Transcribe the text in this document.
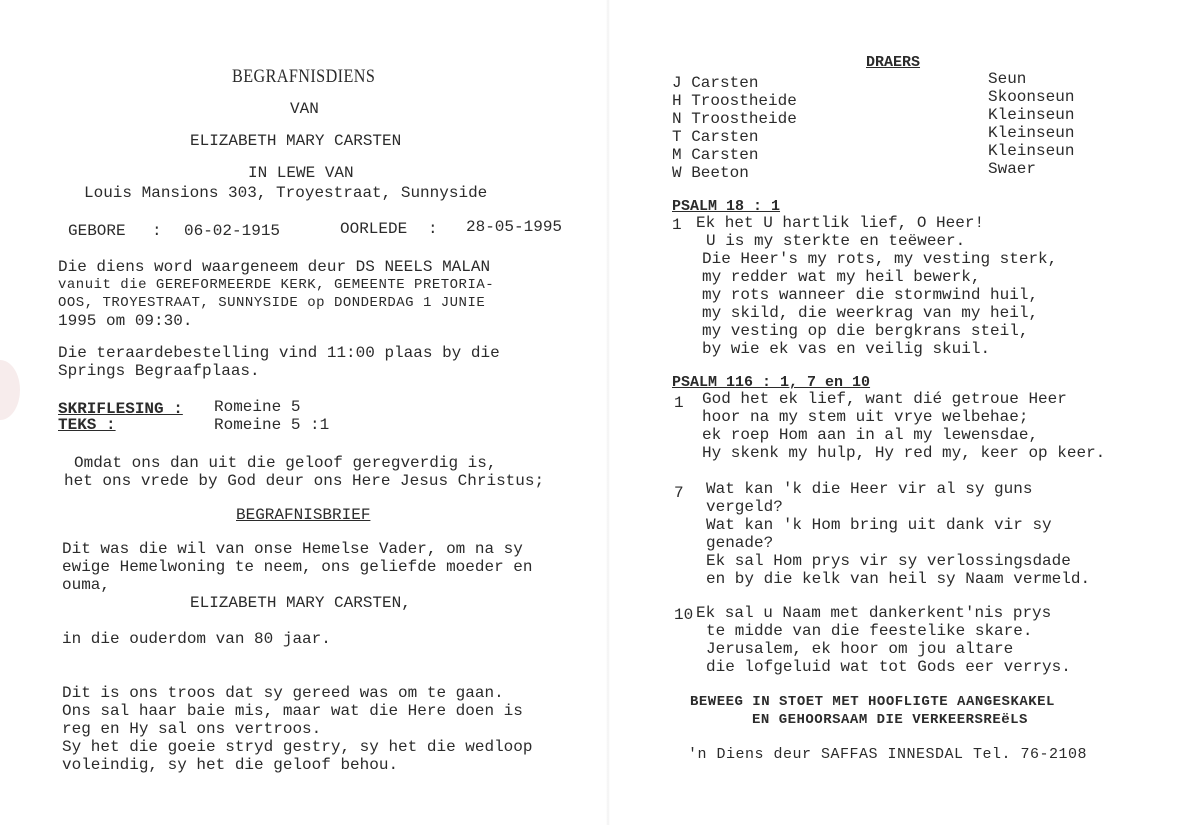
BEGRAFNISDIENS
VAN
ELIZABETH MARY CARSTEN
IN LEWE VAN
Louis Mansions 303, Troyestraat, Sunnyside
GEBORE : 06-02-1915	OORLEDE : 28-05-1995
Die diens word waargeneem deur DS NEELS MALAN
vanuit die GEREFORMEERDE KERK, GEMEENTE PRETORIA-
OOS, TROYESTRAAT, SUNNYSIDE op DONDERDAG 1 JUNIE
1995 om 09:30.
Die teraardebestelling vind 11:00 plaas by die
Springs Begraafplaas.
SKRIFLESING : Romeine 5
TEKS :	Romeine 5 :1
Omdat ons dan uit die geloof geregverdig is,
het ons vrede by God deur ons Here Jesus Christus;
BEGRAFNISBRIEF
Dit was die wil van onse Hemelse Vader, om na sy
ewige Hemelwoning te neem, ons geliefde moeder en
ouma,
ELIZABETH MARY CARSTEN,
in die ouderdom van 80 jaar.
Dit is ons troos dat sy gereed was om te gaan.
Ons sal haar baie mis, maar wat die Here doen is
reg en Hy sal ons vertroos.
Sy het die goeie stryd gestry, sy het die wedloop
voleindig, sy het die geloof behou.
DRAERS
J Carsten
H Troostheide
N Troostheide
T Carsten
M Carsten
W Beeton
Seun
Skoonseun
Kleinseun
Kleinseun
Kleinseun
Swaer
PSALM 18 : 1
1 Ek het U hartlik lief, O Heer!
U is my sterkte en teëweer.
Die Heer's my rots, my vesting sterk,
my redder wat my heil bewerk,
my rots wanneer die stormwind huil,
my skild, die weerkrag van my heil,
my vesting op die bergkrans steil,
by wie ek vas en veilig skuil.
PSALM 116 : 1, 7 en 10
1 God het ek lief, want dié getroue Heer
hoor na my stem uit vrye welbehae;
ek roep Hom aan in al my lewensdae,
Hy skenk my hulp, Hy red my, keer op keer.
7 Wat kan 'k die Heer vir al sy guns
vergeld?
Wat kan 'k Hom bring uit dank vir sy
genade?
Ek sal Hom prys vir sy verlossingsdade
en by die kelk van heil sy Naam vermeld.
10 Ek sal u Naam met dankerkent'nis prys
te midde van die feestelike skare.
Jerusalem, ek hoor om jou altare
die lofgeluid wat tot Gods eer verrys.
BEWEEG IN STOET MET HOOFLIGTE AANGESKAKEL
EN GEHOORSAAM DIE VERKEERSREëLS
'n Diens deur SAFFAS INNESDAL Tel. 76-2108
